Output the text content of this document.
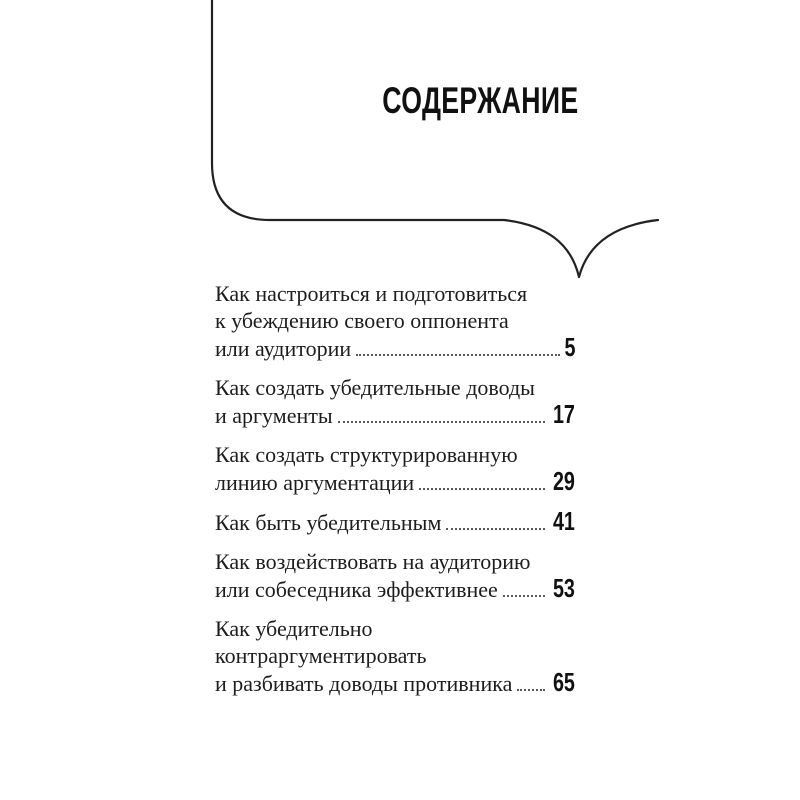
СОДЕРЖАНИЕ
Как настроиться и подготовиться
к убеждению своего оппонента
или аудитории	5
Как создать убедительные доводы
и аргументы	17
Как создать структурированную
линию аргументации	29
Как быть убедительным	41
Как воздействовать на аудиторию
или собеседника эффективнее 53
Как убедительно
контраргументировать
и разбивать доводы противника 65
